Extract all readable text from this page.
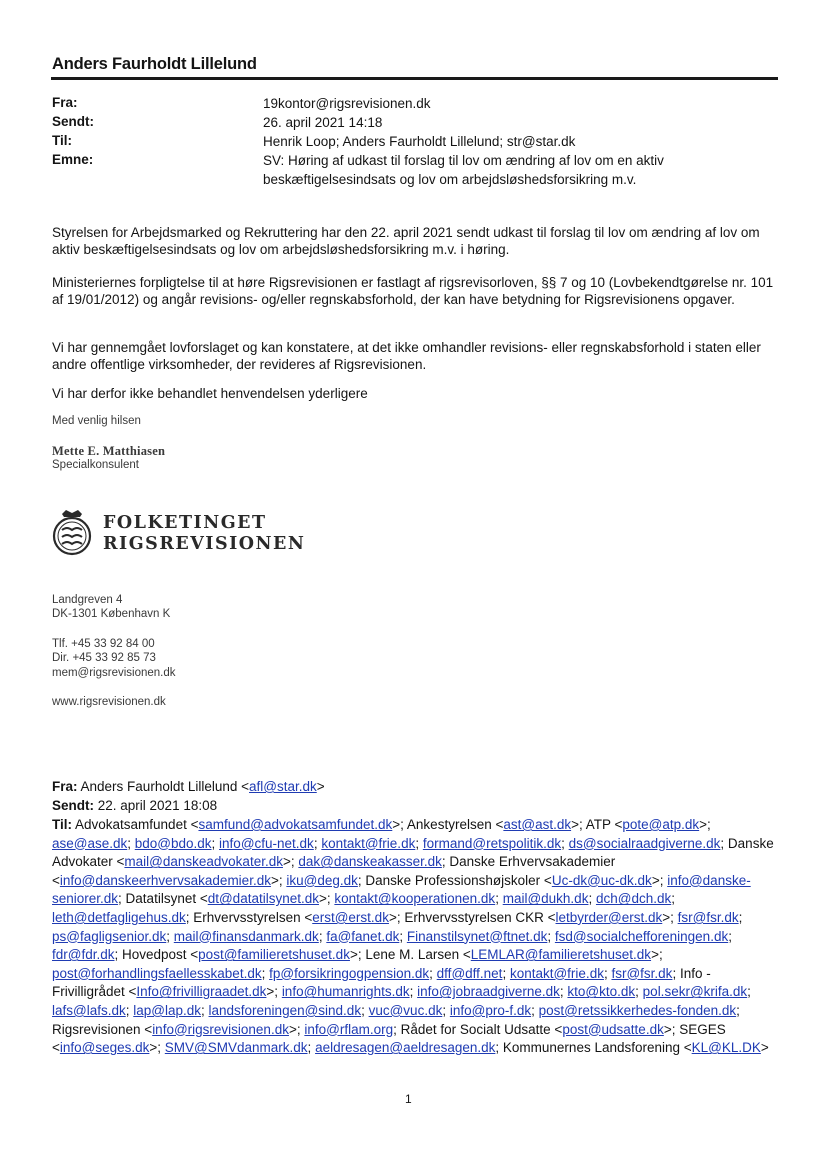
Anders Faurholdt Lillelund
Fra:
Sendt:
Til:
Emne:
19kontor@rigsrevisionen.dk
26. april 2021 14:18
Henrik Loop; Anders Faurholdt Lillelund; str@star.dk
SV: Høring af udkast til forslag til lov om ændring af lov om en aktiv
beskæftigelsesindsats og lov om arbejdsløshedsforsikring m.v.
Styrelsen for Arbejdsmarked og Rekruttering har den 22. april 2021 sendt udkast til forslag til lov om ændring af lov om aktiv beskæftigelsesindsats og lov om arbejdsløshedsforsikring m.v. i høring.
Ministeriernes forpligtelse til at høre Rigsrevisionen er fastlagt af rigsrevisorloven, §§ 7 og 10 (Lovbekendtgørelse nr. 101 af 19/01/2012) og angår revisions- og/eller regnskabsforhold, der kan have betydning for Rigsrevisionens opgaver.
Vi har gennemgået lovforslaget og kan konstatere, at det ikke omhandler revisions- eller regnskabsforhold i staten eller andre offentlige virksomheder, der revideres af Rigsrevisionen.
Vi har derfor ikke behandlet henvendelsen yderligere
Med venlig hilsen
Mette E. Matthiasen
Specialkonsulent
FOLKETINGET
RIGSREVISIONEN
Landgreven 4
DK-1301 København K
Tlf. +45 33 92 84 00
Dir. +45 33 92 85 73
mem@rigsrevisionen.dk
www.rigsrevisionen.dk
Fra: Anders Faurholdt Lillelund <afl@star.dk>
Sendt: 22. april 2021 18:08
Til: Advokatsamfundet <samfund@advokatsamfundet.dk>; Ankestyrelsen <ast@ast.dk>; ATP <pote@atp.dk>; ase@ase.dk; bdo@bdo.dk; info@cfu-net.dk; kontakt@frie.dk; formand@retspolitik.dk; ds@socialraadgiverne.dk; Danske Advokater <mail@danskeadvokater.dk>; dak@danskeakasser.dk; Danske Erhvervsakademier <info@danskeerhvervsakademier.dk>; iku@deg.dk; Danske Professionshøjskoler <Uc-dk@uc-dk.dk>; info@danske-seniorer.dk; Datatilsynet <dt@datatilsynet.dk>; kontakt@kooperationen.dk; mail@dukh.dk; dch@dch.dk; leth@detfagligehus.dk; Erhvervsstyrelsen <erst@erst.dk>; Erhvervsstyrelsen CKR <letbyrder@erst.dk>; fsr@fsr.dk; ps@fagligsenior.dk; mail@finansdanmark.dk; fa@fanet.dk; Finanstilsynet@ftnet.dk; fsd@socialchefforeningen.dk; fdr@fdr.dk; Hovedpost <post@familieretshuset.dk>; Lene M. Larsen <LEMLAR@familieretshuset.dk>; post@forhandlingsfaellesskabet.dk; fp@forsikringogpension.dk; dff@dff.net; kontakt@frie.dk; fsr@fsr.dk; Info - Frivilligrådet <Info@frivilligraadet.dk>; info@humanrights.dk; info@jobraadgiverne.dk; kto@kto.dk; pol.sekr@krifa.dk; lafs@lafs.dk; lap@lap.dk; landsforeningen@sind.dk; vuc@vuc.dk; info@pro-f.dk; post@retssikkerhedes-fonden.dk; Rigsrevisionen <info@rigsrevisionen.dk>; info@rflam.org; Rådet for Socialt Udsatte <post@udsatte.dk>; SEGES <info@seges.dk>; SMV@SMVdanmark.dk; aeldresagen@aeldresagen.dk; Kommunernes Landsforening <KL@KL.DK>
1
